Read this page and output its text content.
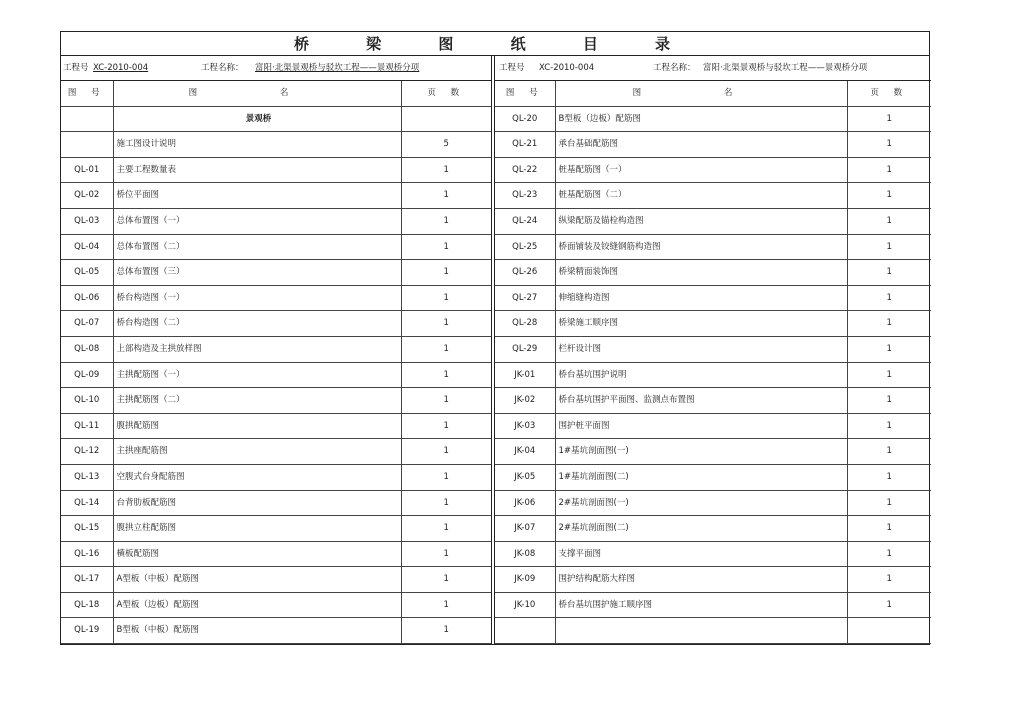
桥 梁 图 纸 目 录
工程号 XC-2010-004	工程名称： 富阳·北渠景观桥与驳坎工程——景观桥分项
图 号	图 名	页 数
	景观桥	
	施工图设计说明	5
QL-01	主要工程数量表	1
QL-02	桥位平面图	1
QL-03	总体布置图（一）	1
QL-04	总体布置图（二）	1
QL-05	总体布置图（三）	1
QL-06	桥台构造图（一）	1
QL-07	桥台构造图（二）	1
QL-08	上部构造及主拱放样图	1
QL-09	主拱配筋图（一）	1
QL-10	主拱配筋图（二）	1
QL-11	腹拱配筋图	1
QL-12	主拱座配筋图	1
QL-13	空腹式台身配筋图	1
QL-14	台背肋板配筋图	1
QL-15	腹拱立柱配筋图	1
QL-16	横板配筋图	1
QL-17	A型板（中板）配筋图	1
QL-18	A型板（边板）配筋图	1
QL-19	B型板（中板）配筋图	1
工程号 XC-2010-004	工程名称： 富阳·北渠景观桥与驳坎工程——景观桥分项
图 号	图 名	页 数
QL-20	B型板（边板）配筋图	1
QL-21	承台基础配筋图	1
QL-22	桩基配筋图（一）	1
QL-23	桩基配筋图（二）	1
QL-24	纵梁配筋及锚栓构造图	1
QL-25	桥面铺装及铰缝钢筋构造图	1
QL-26	桥梁精面装饰图	1
QL-27	伸缩缝构造图	1
QL-28	桥梁施工顺序图	1
QL-29	栏杆设计图	1
JK-01	桥台基坑围护说明	1
JK-02	桥台基坑围护平面图、监测点布置图	1
JK-03	围护桩平面图	1
JK-04	1#基坑剖面图(一)	1
JK-05	1#基坑剖面图(二)	1
JK-06	2#基坑剖面图(一)	1
JK-07	2#基坑剖面图(二)	1
JK-08	支撑平面图	1
JK-09	围护结构配筋大样图	1
JK-10	桥台基坑围护施工顺序图	1
